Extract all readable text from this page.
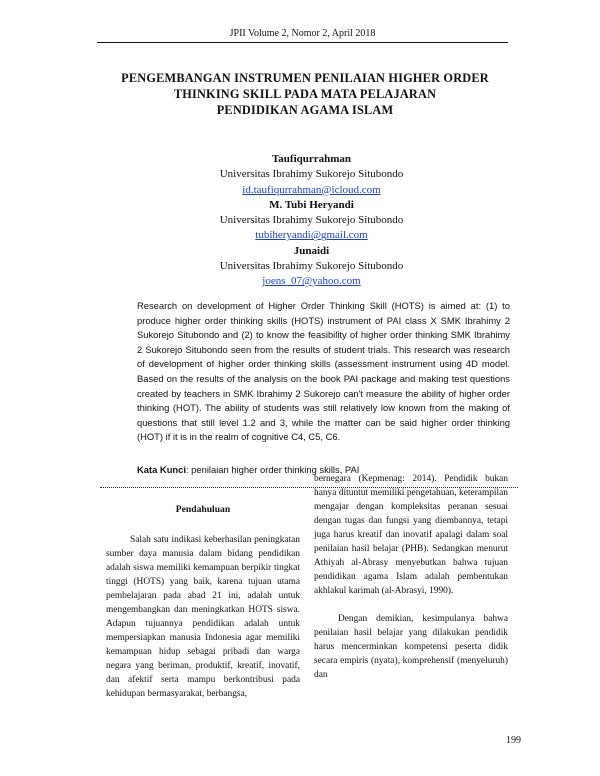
JPII Volume 2, Nomor 2, April 2018
PENGEMBANGAN INSTRUMEN PENILAIAN HIGHER ORDER
THINKING SKILL PADA MATA PELAJARAN
PENDIDIKAN AGAMA ISLAM
Taufiqurrahman
Universitas Ibrahimy Sukorejo Situbondo
id.taufiqurrahman@icloud.com
M. Tubi Heryandi
Universitas Ibrahimy Sukorejo Situbondo
tubiheryandi@gmail.com
Junaidi
Universitas Ibrahimy Sukorejo Situbondo
joens_07@yahoo.com

Research on development of Higher Order Thinking Skill (HOTS) is aimed at: (1) to produce higher order thinking skills (HOTS) instrument of PAI class X SMK Ibrahimy 2 Sukorejo Situbondo and (2) to know the feasibility of higher order thinking SMK Ibrahimy 2 Sukorejo Situbondo seen from the results of student trials. This research was research of development of higher order thinking skills (assessment instrument using 4D model. Based on the results of the analysis on the book PAI package and making test questions created by teachers in SMK Ibrahimy 2 Sukorejo can't measure the ability of higher order thinking (HOT). The ability of students was still relatively low known from the making of questions that still level 1.2 and 3, while the matter can be said higher order thinking (HOT) if it is in the realm of cognitive C4, C5, C6.

Kata Kunci: penilaian higher order thinking skills, PAI

Pendahuluan

Salah satu indikasi keberhasilan peningkatan sumber daya manusia dalam bidang pendidikan adalah siswa memiliki kemampuan berpikir tingkat tinggi (HOTS) yang baik, karena tujuan utama pembelajaran pada abad 21 ini, adalah untuk mengembangkan dan meningkatkan HOTS siswa. Adapun tujuannya pendidikan adalah untuk mempersiapkan manusia Indonesia agar memiliki kemampuan hidup sebagai pribadi dan warga negara yang beriman, produktif, kreatif, inovatif, dan afektif serta mampu berkontribusi pada kehidupan bermasyarakat, berbangsa,

bernegara (Kepmenag: 2014). Pendidik bukan hanya dituntut memiliki pengetahuan, keterampilan mengajar dengan kompleksitas peranan sesuai dengan tugas dan fungsi yang diembannya, tetapi juga harus kreatif dan inovatif apalagi dalam soal penilaian hasil belajar (PHB). Sedangkan menurut Athiyah al-Abrasy menyebutkan bahwa tujuan pendidikan agama Islam adalah pembentukan akhlakul karimah (al-Abrasyi, 1990).

Dengan demikian, kesimpulanya bahwa penilaian hasil belajar yang dilakukan pendidik harus mencerminkan kompetensi peserta didik secara empiris (nyata), komprehensif (menyeluruh) dan

199
